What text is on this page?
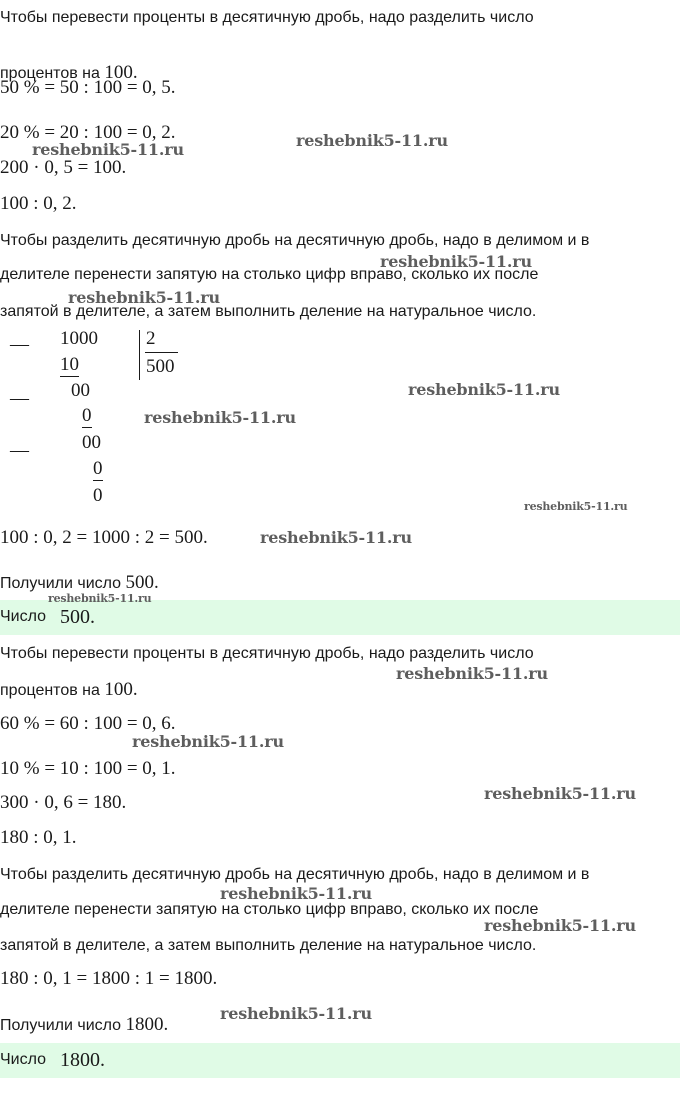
Чтобы перевести проценты в десятичную дробь, надо разделить число
процентов на 100.
50 % = 50 : 100 = 0, 5.
20 % = 20 : 100 = 0, 2.
200 · 0, 5 = 100.
100 : 0, 2.
Чтобы разделить десятичную дробь на десятичную дробь, надо в делимом и в
делителе перенести запятую на столько цифр вправо, сколько их после
запятой в делителе, а затем выполнить деление на натуральное число.
— 1000	2
500
10
00
—
0
00
—
0
0
100 : 0, 2 = 1000 : 2 = 500.
Получили число 500.
Число 500.
Чтобы перевести проценты в десятичную дробь, надо разделить число
процентов на 100.
60 % = 60 : 100 = 0, 6.
10 % = 10 : 100 = 0, 1.
300 · 0, 6 = 180.
180 : 0, 1.
Чтобы разделить десятичную дробь на десятичную дробь, надо в делимом и в
делителе перенести запятую на столько цифр вправо, сколько их после
запятой в делителе, а затем выполнить деление на натуральное число.
180 : 0, 1 = 1800 : 1 = 1800.
Получили число 1800.
Число 1800.
reshebnik5-11.ru	reshebnik5-11.ru
reshebnik5-11.ru
reshebnik5-11.ru
reshebnik5-11.ru
reshebnik5-11.ru
reshebnik5-11.ru
reshebnik5-11.ru
reshebnik5-11.ru
reshebnik5-11.ru
reshebnik5-11.ru
reshebnik5-11.ru
reshebnik5-11.ru
reshebnik5-11.ru
reshebnik5-11.ru
